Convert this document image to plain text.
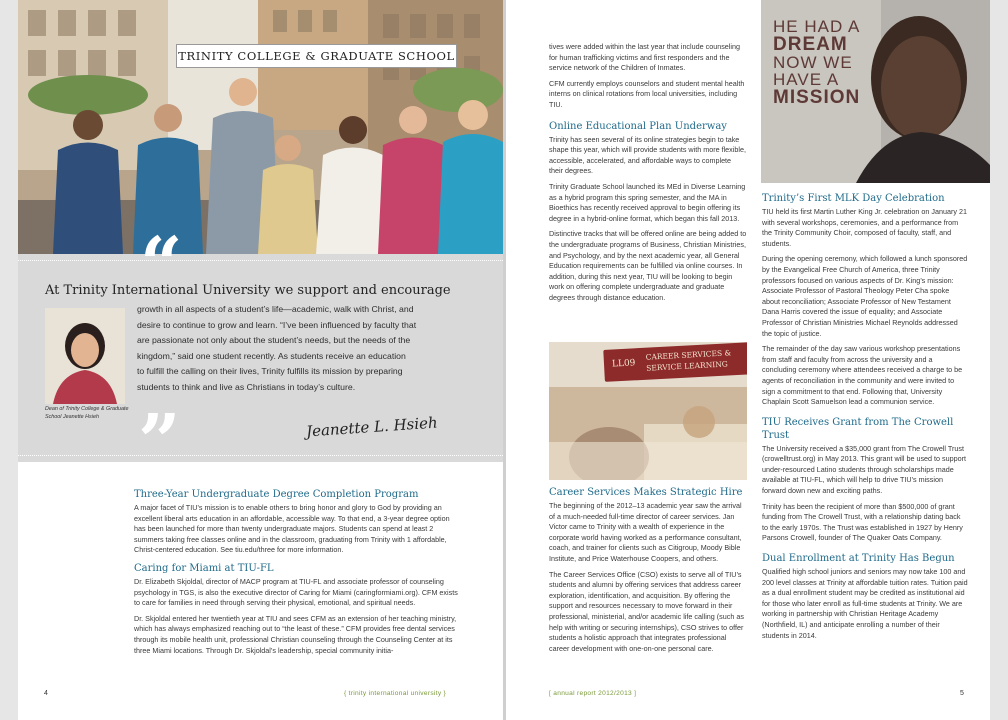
TRINITY COLLEGE & GRADUATE SCHOOL
“
At Trinity International University we support and encourage
Dean of Trinity College & Graduate School Jeanette Hsieh
growth in all aspects of a student’s life—academic, walk with Christ, and
desire to continue to grow and learn. “I’ve been influenced by faculty that
are passionate not only about the student’s needs, but the needs of the
kingdom,” said one student recently. As students receive an education
to fulfill the calling on their lives, Trinity fulfills its mission by preparing
students to think and live as Christians in today’s culture.
”	Jeanette L. Hsieh
Three-Year Undergraduate Degree Completion Program

A major facet of TIU’s mission is to enable others to bring honor and glory to God by providing an excellent liberal arts education in an affordable, accessible way. To that end, a 3-year degree option has been launched for more than twenty undergraduate majors. Students can spend at least 2 summers taking free classes online and in the classroom, graduating from Trinity with 1 affordable, Christ-centered education. See tiu.edu/three for more information.

Caring for Miami at TIU-FL

Dr. Elizabeth Skjoldal, director of MACP program at TIU-FL and associate professor of counseling psychology in TGS, is also the executive director of Caring for Miami (caringformiami.org). CFM exists to care for families in need through serving their physical, emotional, and spiritual needs.

Dr. Skjoldal entered her twentieth year at TIU and sees CFM as an extension of her teaching ministry, which has always emphasized reaching out to “the least of these.” CFM provides free dental services through its mobile health unit, professional Christian counseling through the Counseling Center at its three Miami locations. Through Dr. Skjoldal’s leadership, special community initia-

4	{ trinity international university }

tives were added within the last year that include counseling for human trafficking victims and first responders and the service network of the Children of Inmates.

CFM currently employs counselors and student mental health interns on clinical rotations from local universities, including TIU.

Online Educational Plan Underway

Trinity has seen several of its online strategies begin to take shape this year, which will provide students with more flexible, accessible, accelerated, and affordable ways to complete their degrees.

Trinity Graduate School launched its MEd in Diverse Learning as a hybrid program this spring semester, and the MA in Bioethics has recently received approval to begin offering its degree in a hybrid-online format, which began this fall 2013.

Distinctive tracks that will be offered online are being added to the undergraduate programs of Business, Christian Ministries, and Psychology, and by the next academic year, all General Education requirements can be fulfilled via online courses. In addition, during this next year, TIU will be looking to begin work on offering complete undergraduate and graduate degrees through distance education.

LL09
CAREER SERVICES &
SERVICE LEARNING
Career Services Makes Strategic Hire

The beginning of the 2012–13 academic year saw the arrival of a much-needed full-time director of career services. Jan Victor came to Trinity with a wealth of experience in the corporate world having worked as a performance consultant, coach, and trainer for clients such as Citigroup, Moody Bible Institute, and Price Waterhouse Coopers, and others.

The Career Services Office (CSO) exists to serve all of TIU’s students and alumni by offering services that address career exploration, identification, and acquisition. By offering the support and resources necessary to move forward in their professional, ministerial, and/or academic life calling (such as help with writing or securing internships), CSO strives to offer students a holistic approach that integrates professional career development with one-on-one personal care.

HE HAD A
DREAM
NOW WE
HAVE A
MISSION
Trinity’s First MLK Day Celebration

TIU held its first Martin Luther King Jr. celebration on January 21 with several workshops, ceremonies, and a performance from the Trinity Community Choir, composed of faculty, staff, and students.

During the opening ceremony, which followed a lunch sponsored by the Evangelical Free Church of America, three Trinity professors focused on various aspects of Dr. King’s mission: Associate Professor of Pastoral Theology Peter Cha spoke about reconciliation; Associate Professor of New Testament Dana Harris covered the issue of equality; and Associate Professor of Christian Ministries Michael Reynolds addressed the topic of justice.

The remainder of the day saw various workshop presentations from staff and faculty from across the university and a concluding ceremony where attendees received a charge to be agents of reconciliation in the community and were invited to sign a commitment to that end. Following that, University Chaplain Scott Samuelson lead a communion service.

TIU Receives Grant from The Crowell Trust

The University received a $35,000 grant from The Crowell Trust (crowelltrust.org) in May 2013. This grant will be used to support under-resourced Latino students through scholarships made available at TIU-FL, which will help to drive TIU’s mission forward down new and exciting paths.

Trinity has been the recipient of more than $500,000 of grant funding from The Crowell Trust, with a relationship dating back to the early 1970s. The Trust was established in 1927 by Henry Parsons Crowell, founder of The Quaker Oats Company.

Dual Enrollment at Trinity Has Begun

Qualified high school juniors and seniors may now take 100 and 200 level classes at Trinity at affordable tuition rates. Tuition paid as a dual enrollment student may be credited as institutional aid for those who later enroll as full-time students at Trinity. We are working in partnership with Christian Heritage Academy (Northfield, IL) and anticipate enrolling a number of their students in 2014.

[ annual report 2012/2013 ]	5
